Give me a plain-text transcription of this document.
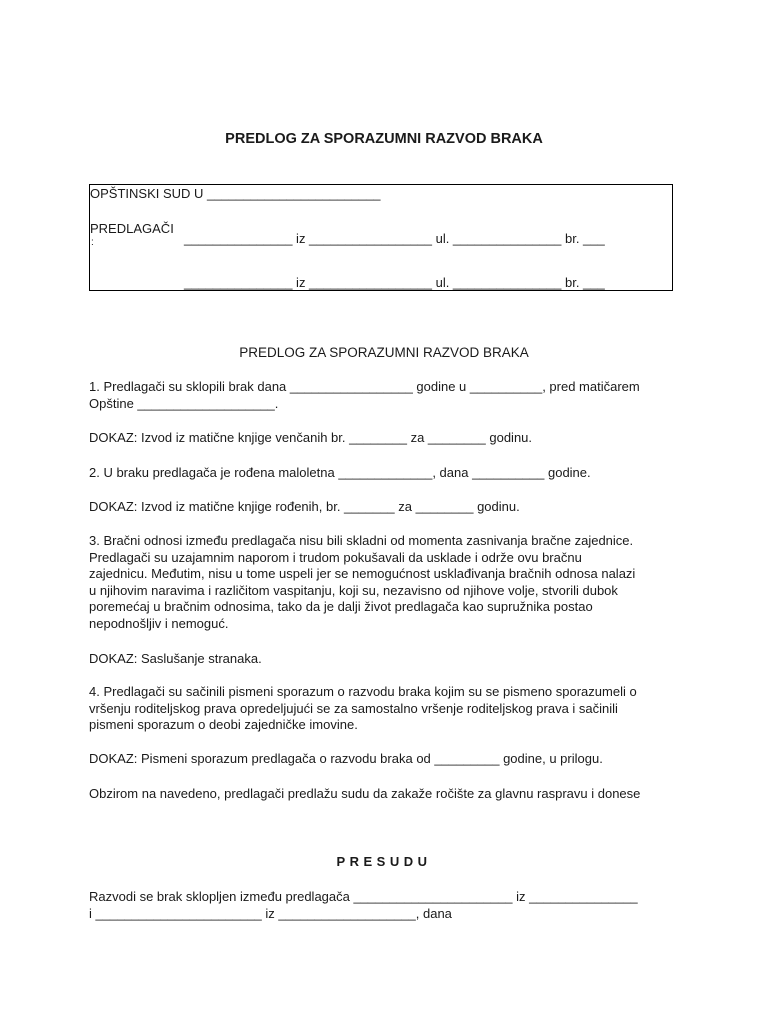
PREDLOG ZA SPORAZUMNI RAZVOD BRAKA
OPŠTINSKI SUD U ________________________
PREDLAGAČI
:	_______________ iz _________________ ul. _______________ br. ___
_______________ iz _________________ ul. _______________ br. ___
PREDLOG ZA SPORAZUMNI RAZVOD BRAKA
1. Predlagači su sklopili brak dana _________________ godine u __________, pred matičarem
Opštine ___________________.
DOKAZ: Izvod iz matične knjige venčanih br. ________ za ________ godinu.
2. U braku predlagača je rođena maloletna _____________, dana __________ godine.
DOKAZ: Izvod iz matične knjige rođenih, br. _______ za ________ godinu.
3. Bračni odnosi između predlagača nisu bili skladni od momenta zasnivanja bračne zajednice.
Predlagači su uzajamnim naporom i trudom pokušavali da usklade i održe ovu bračnu
zajednicu. Međutim, nisu u tome uspeli jer se nemogućnost usklađivanja bračnih odnosa nalazi
u njihovim naravima i različitom vaspitanju, koji su, nezavisno od njihove volje, stvorili dubok
poremećaj u bračnim odnosima, tako da je dalji život predlagača kao supružnika postao
nepodnošljiv i nemoguć.
DOKAZ: Saslušanje stranaka.
4. Predlagači su sačinili pismeni sporazum o razvodu braka kojim su se pismeno sporazumeli o
vršenju roditeljskog prava opredeljujući se za samostalno vršenje roditeljskog prava i sačinili
pismeni sporazum o deobi zajedničke imovine.
DOKAZ: Pismeni sporazum predlagača o razvodu braka od _________ godine, u prilogu.
Obzirom na navedeno, predlagači predlažu sudu da zakaže ročište za glavnu raspravu i donese
PRESUDU
Razvodi se brak sklopljen između predlagača ______________________ iz _______________
i _______________________ iz ___________________, dana
